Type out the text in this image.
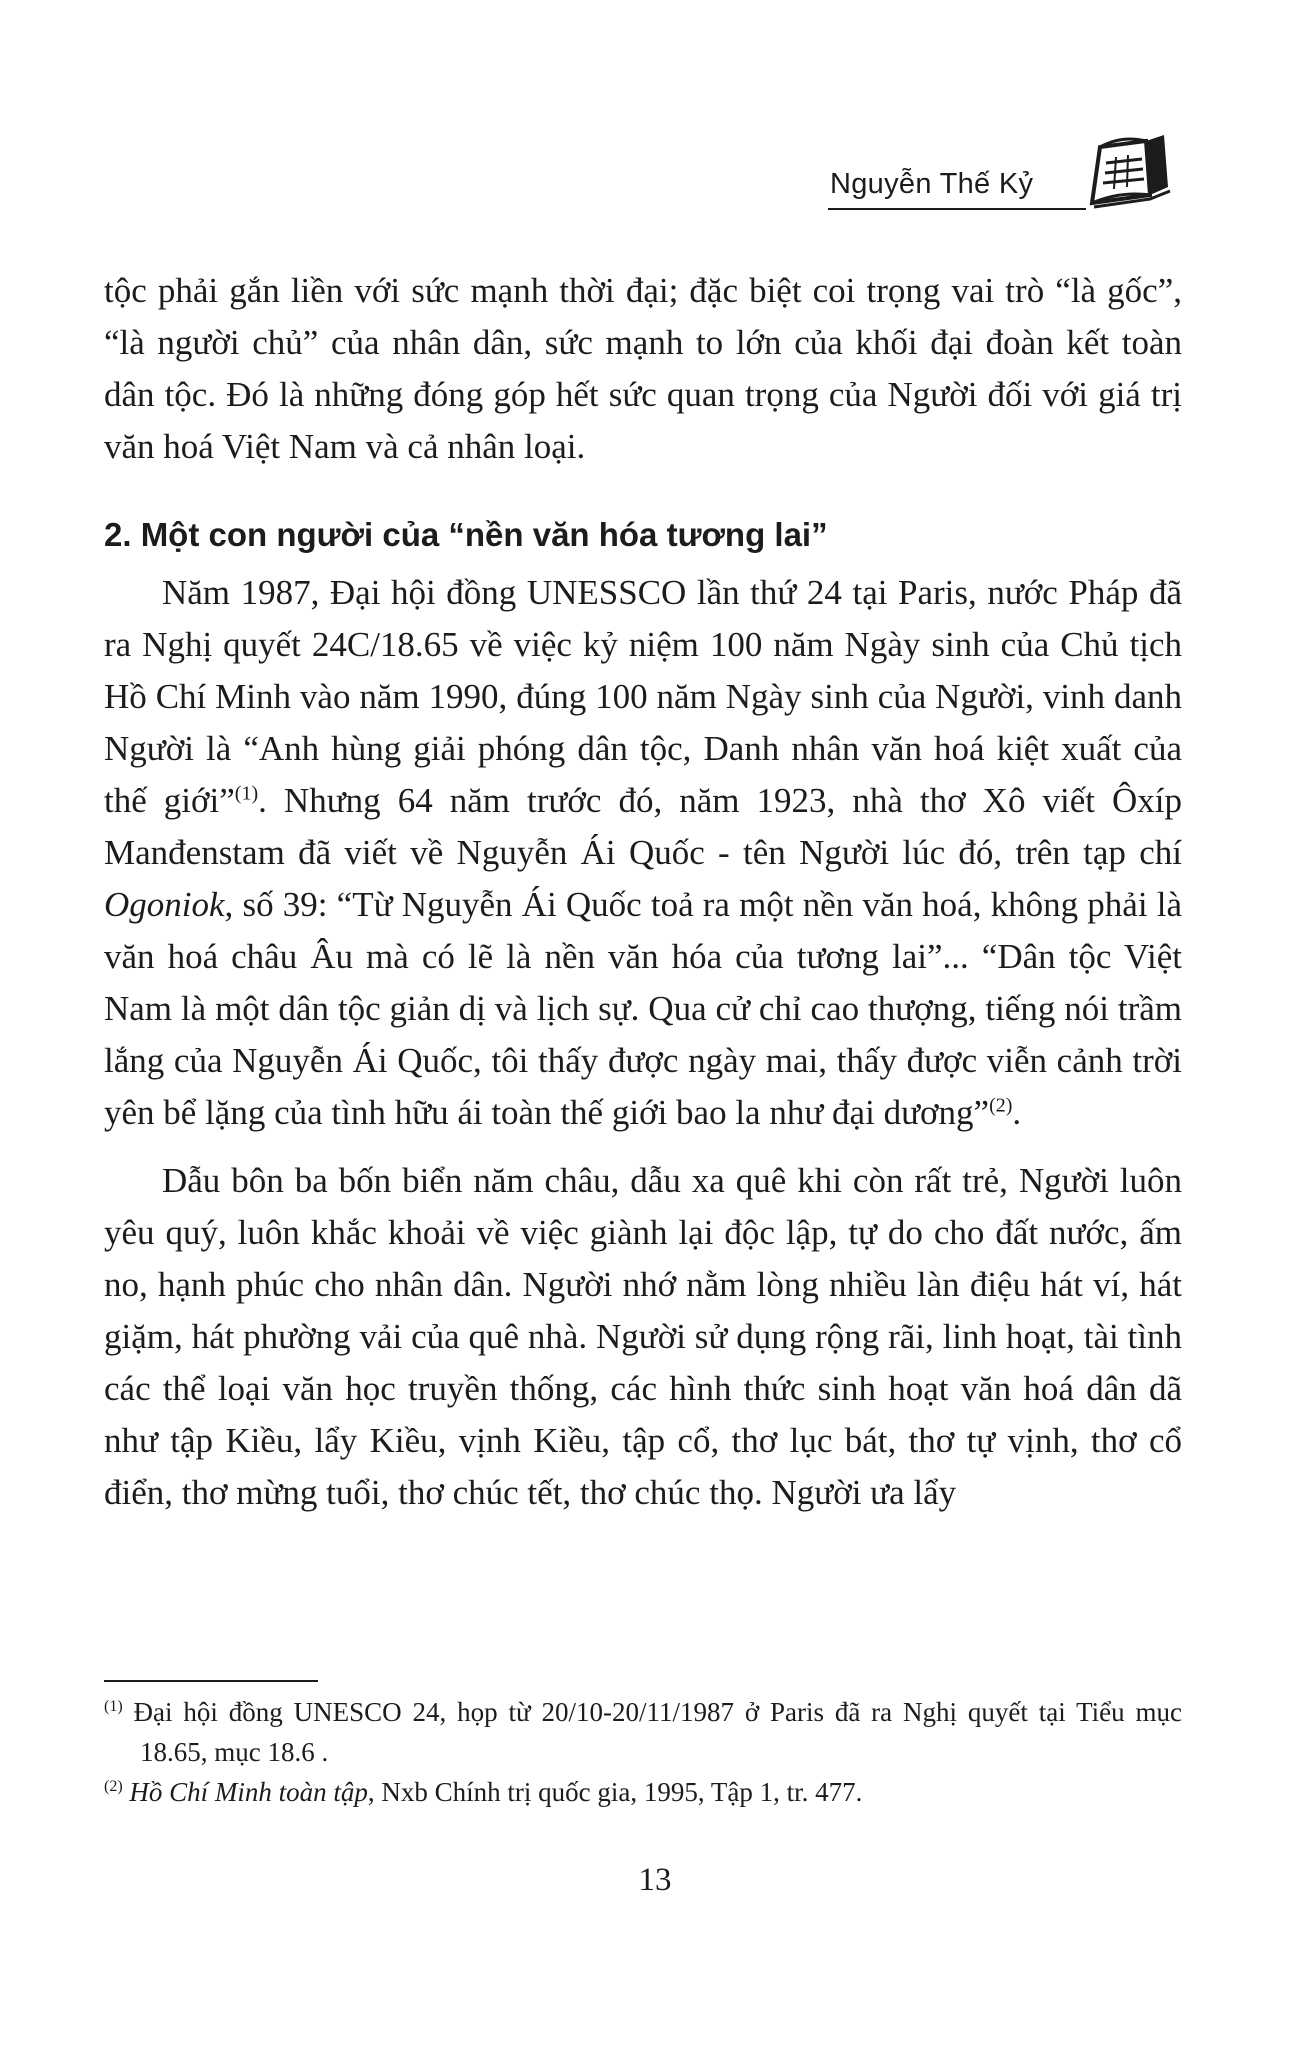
Nguyễn Thế Kỷ

tộc phải gắn liền với sức mạnh thời đại; đặc biệt coi trọng vai trò “là gốc”, “là người chủ” của nhân dân, sức mạnh to lớn của khối đại đoàn kết toàn dân tộc. Đó là những đóng góp hết sức quan trọng của Người đối với giá trị văn hoá Việt Nam và cả nhân loại.

2. Một con người của “nền văn hóa tương lai”

Năm 1987, Đại hội đồng UNESSCO lần thứ 24 tại Paris, nước Pháp đã ra Nghị quyết 24C/18.65 về việc kỷ niệm 100 năm Ngày sinh của Chủ tịch Hồ Chí Minh vào năm 1990, đúng 100 năm Ngày sinh của Người, vinh danh Người là “Anh hùng giải phóng dân tộc, Danh nhân văn hoá kiệt xuất của thế giới”$^{(1)}$. Nhưng 64 năm trước đó, năm 1923, nhà thơ Xô viết Ôxíp Manđenstam đã viết về Nguyễn Ái Quốc - tên Người lúc đó, trên tạp chí Ogoniok, số 39: “Từ Nguyễn Ái Quốc toả ra một nền văn hoá, không phải là văn hoá châu Âu mà có lẽ là nền văn hóa của tương lai”... “Dân tộc Việt Nam là một dân tộc giản dị và lịch sự. Qua cử chỉ cao thượng, tiếng nói trầm lắng của Nguyễn Ái Quốc, tôi thấy được ngày mai, thấy được viễn cảnh trời yên bể lặng của tình hữu ái toàn thế giới bao la như đại dương”$^{(2)}$.

Dẫu bôn ba bốn biển năm châu, dẫu xa quê khi còn rất trẻ, Người luôn yêu quý, luôn khắc khoải về việc giành lại độc lập, tự do cho đất nước, ấm no, hạnh phúc cho nhân dân. Người nhớ nằm lòng nhiều làn điệu hát ví, hát giặm, hát phường vải của quê nhà. Người sử dụng rộng rãi, linh hoạt, tài tình các thể loại văn học truyền thống, các hình thức sinh hoạt văn hoá dân dã như tập Kiều, lẩy Kiều, vịnh Kiều, tập cổ, thơ lục bát, thơ tự vịnh, thơ cổ điển, thơ mừng tuổi, thơ chúc tết, thơ chúc thọ. Người ưa lẩy

$^{(1)}$ Đại hội đồng UNESCO 24, họp từ 20/10-20/11/1987 ở Paris đã ra Nghị quyết tại Tiểu mục 18.65, mục 18.6 .
$^{(2)}$ Hồ Chí Minh toàn tập, Nxb Chính trị quốc gia, 1995, Tập 1, tr. 477.
13
